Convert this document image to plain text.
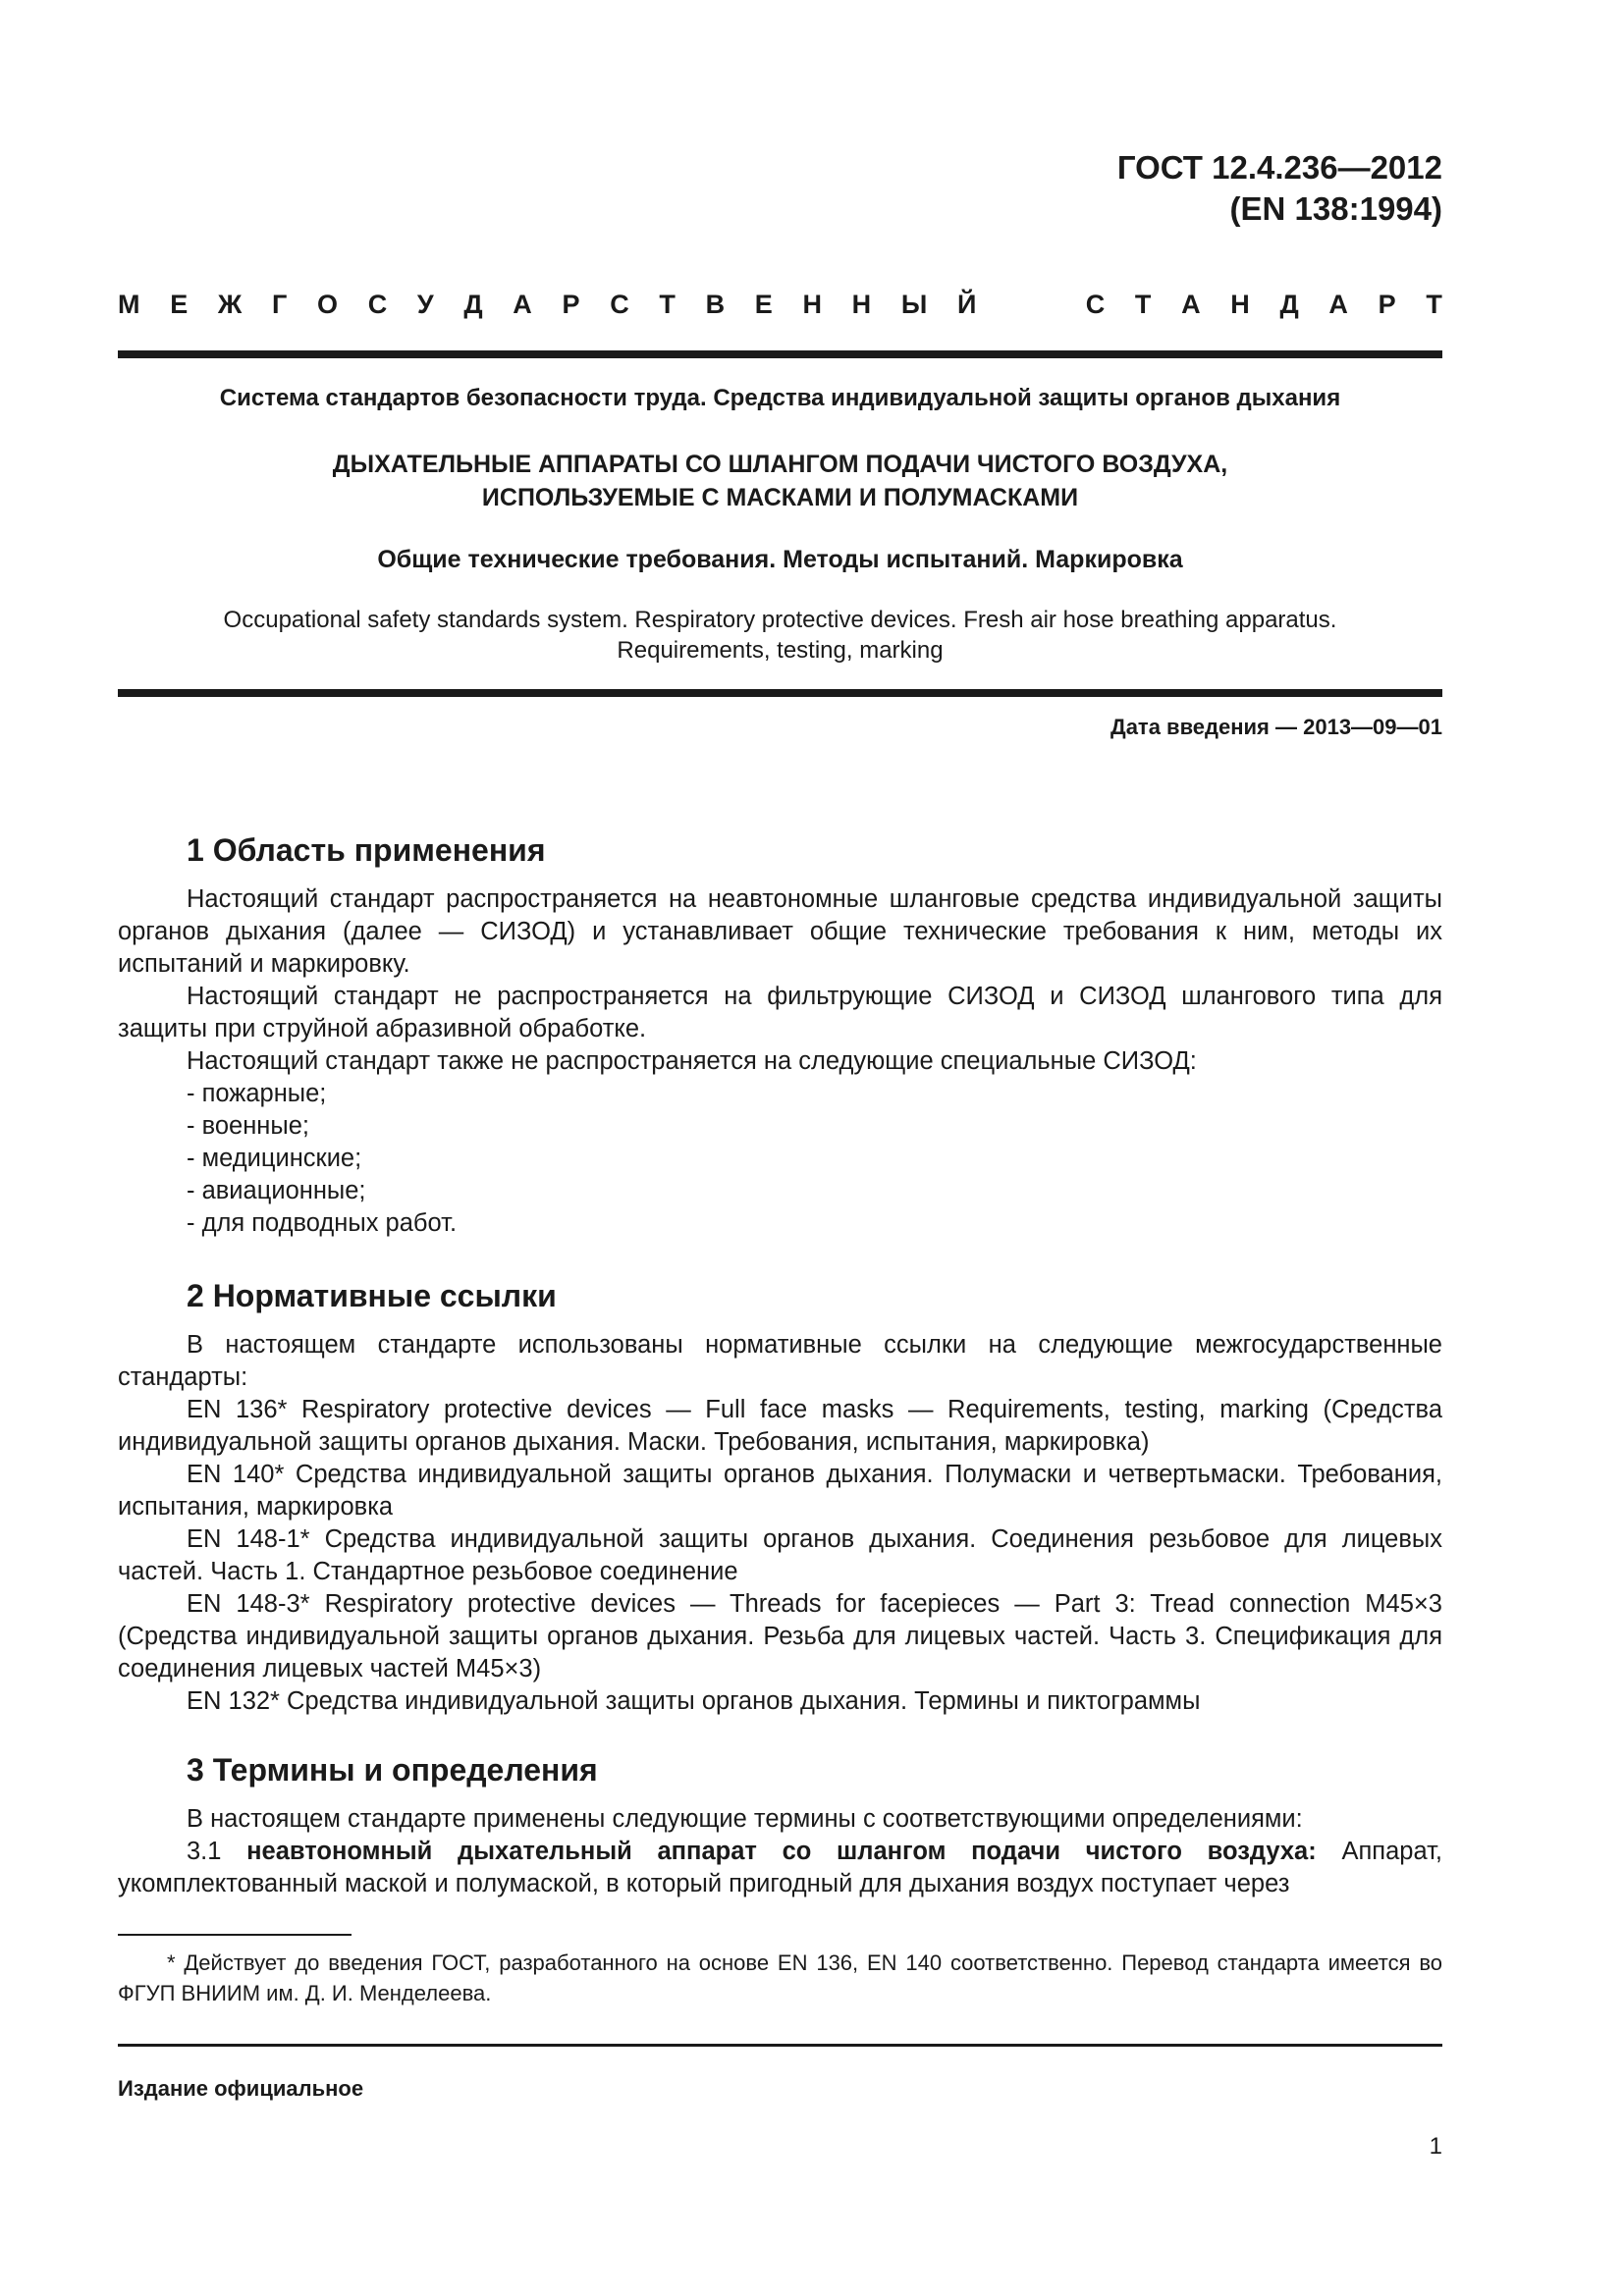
ГОСТ 12.4.236—2012
(EN 138:1994)
М Е Ж Г О С У Д А Р С Т В Е Н Н Ы Й	С Т А Н Д А Р Т
Система стандартов безопасности труда. Средства индивидуальной защиты органов дыхания
ДЫХАТЕЛЬНЫЕ АППАРАТЫ СО ШЛАНГОМ ПОДАЧИ ЧИСТОГО ВОЗДУХА,
ИСПОЛЬЗУЕМЫЕ С МАСКАМИ И ПОЛУМАСКАМИ
Общие технические требования. Методы испытаний. Маркировка
Occupational safety standards system. Respiratory protective devices. Fresh air hose breathing apparatus.
Requirements, testing, marking
Дата введения — 2013—09—01
1 Область применения

Настоящий стандарт распространяется на неавтономные шланговые средства индивидуальной защиты органов дыхания (далее — СИЗОД) и устанавливает общие технические требования к ним, методы их испытаний и маркировку.

Настоящий стандарт не распространяется на фильтрующие СИЗОД и СИЗОД шлангового типа для защиты при струйной абразивной обработке.

Настоящий стандарт также не распространяется на следующие специальные СИЗОД:

- пожарные;

- военные;

- медицинские;

- авиационные;

- для подводных работ.

2 Нормативные ссылки

В настоящем стандарте использованы нормативные ссылки на следующие межгосударственные стандарты:

EN 136* Respiratory protective devices — Full face masks — Requirements, testing, marking (Средства индивидуальной защиты органов дыхания. Маски. Требования, испытания, маркировка)

EN 140* Средства индивидуальной защиты органов дыхания. Полумаски и четвертьмаски. Требования, испытания, маркировка

EN 148-1* Средства индивидуальной защиты органов дыхания. Соединения резьбовое для лицевых частей. Часть 1. Стандартное резьбовое соединение

EN 148-3* Respiratory protective devices — Threads for facepieces — Part 3: Tread connection M45×3 (Средства индивидуальной защиты органов дыхания. Резьба для лицевых частей. Часть 3. Спецификация для соединения лицевых частей M45×3)

EN 132* Средства индивидуальной защиты органов дыхания. Термины и пиктограммы

3 Термины и определения

В настоящем стандарте применены следующие термины с соответствующими определениями:

3.1 неавтономный дыхательный аппарат со шлангом подачи чистого воздуха: Аппарат, укомплектованный маской и полумаской, в который пригодный для дыхания воздух поступает через

* Действует до введения ГОСТ, разработанного на основе EN 136, EN 140 соответственно. Перевод стандарта имеется во ФГУП ВНИИМ им. Д. И. Менделеева.

Издание официальное
1
